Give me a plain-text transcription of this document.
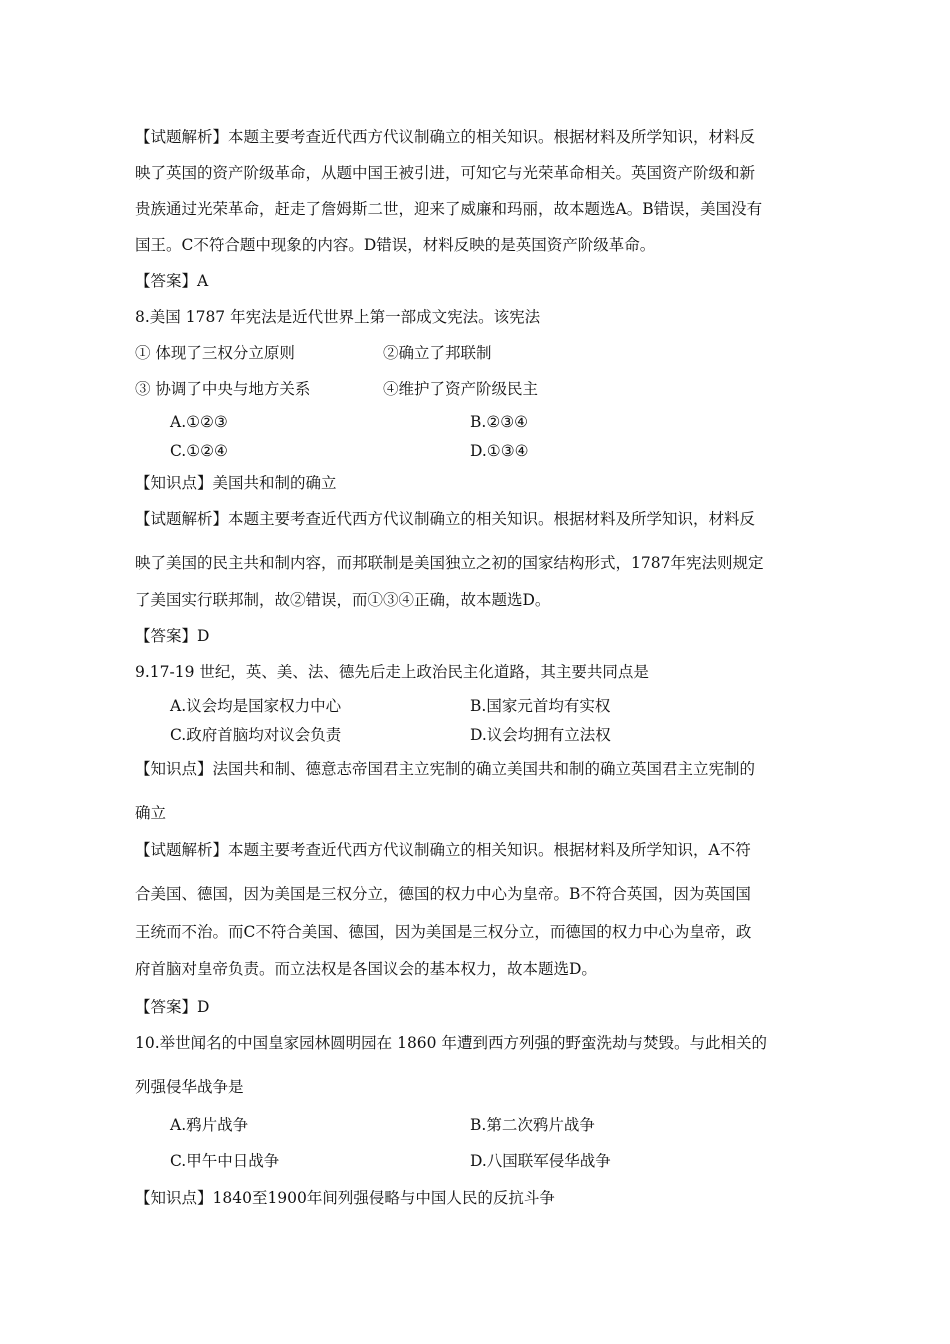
【试题解析】本题主要考查近代西方代议制确立的相关知识。根据材料及所学知识，材料反
映了英国的资产阶级革命，从题中国王被引进，可知它与光荣革命相关。英国资产阶级和新
贵族通过光荣革命，赶走了詹姆斯二世，迎来了威廉和玛丽，故本题选A。B错误，美国没有
国王。C不符合题中现象的内容。D错误，材料反映的是英国资产阶级革命。
【答案】A
8.美国 1787 年宪法是近代世界上第一部成文宪法。该宪法
① 体现了三权分立原则	②确立了邦联制
③ 协调了中央与地方关系	④维护了资产阶级民主
A.①②③	B.②③④
C.①②④	D.①③④
【知识点】美国共和制的确立
【试题解析】本题主要考查近代西方代议制确立的相关知识。根据材料及所学知识，材料反
映了美国的民主共和制内容，而邦联制是美国独立之初的国家结构形式，1787年宪法则规定
了美国实行联邦制，故②错误，而①③④正确，故本题选D。
【答案】D
9.17-19 世纪，英、美、法、德先后走上政治民主化道路，其主要共同点是
A.议会均是国家权力中心	B.国家元首均有实权
C.政府首脑均对议会负责	D.议会均拥有立法权
【知识点】法国共和制、德意志帝国君主立宪制的确立美国共和制的确立英国君主立宪制的
确立
【试题解析】本题主要考查近代西方代议制确立的相关知识。根据材料及所学知识，A不符
合美国、德国，因为美国是三权分立，德国的权力中心为皇帝。B不符合英国，因为英国国
王统而不治。而C不符合美国、德国，因为美国是三权分立，而德国的权力中心为皇帝，政
府首脑对皇帝负责。而立法权是各国议会的基本权力，故本题选D。
【答案】D
10.举世闻名的中国皇家园林圆明园在 1860 年遭到西方列强的野蛮洗劫与焚毁。与此相关的
列强侵华战争是
A.鸦片战争	B.第二次鸦片战争
C.甲午中日战争	D.八国联军侵华战争
【知识点】1840至1900年间列强侵略与中国人民的反抗斗争
